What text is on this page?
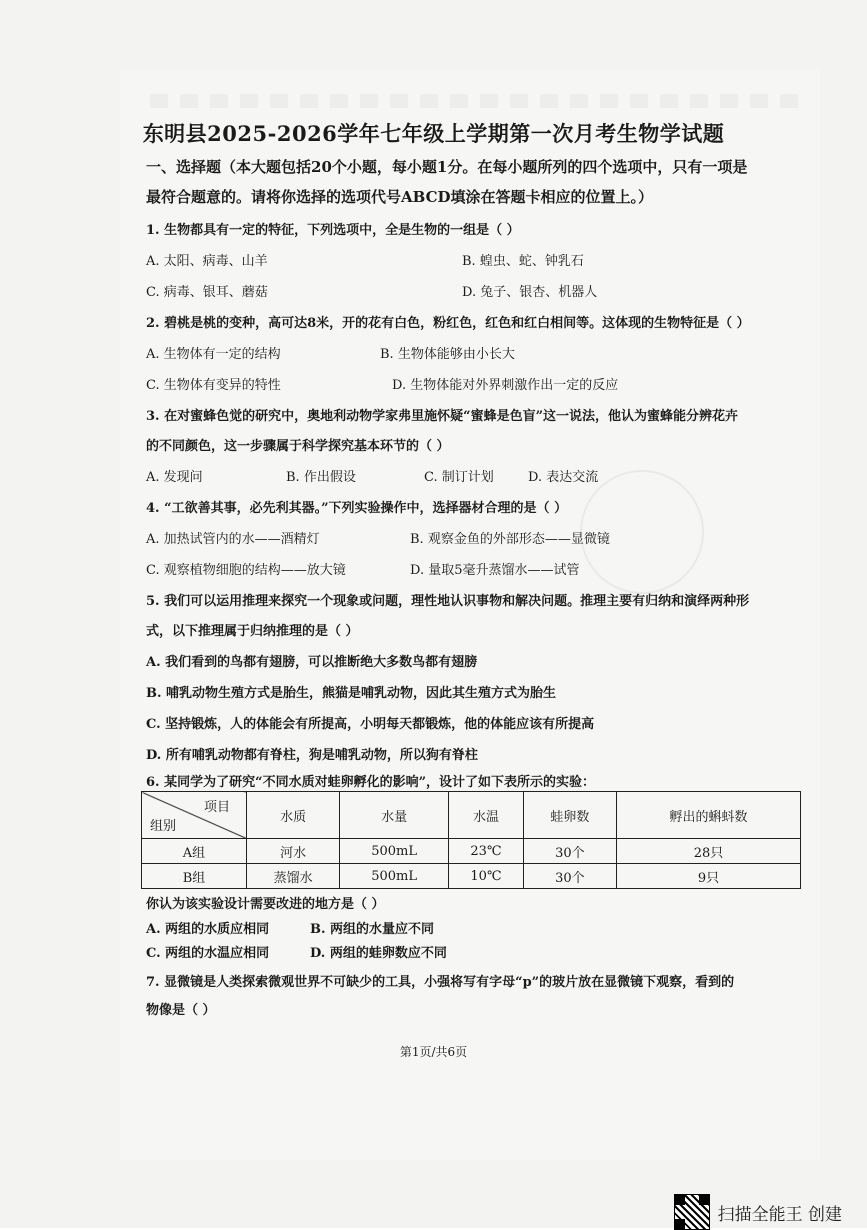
东明县2025-2026学年七年级上学期第一次月考生物学试题
一、选择题（本大题包括20个小题，每小题1分。在每小题所列的四个选项中，只有一项是
最符合题意的。请将你选择的选项代号ABCD填涂在答题卡相应的位置上。）
1. 生物都具有一定的特征，下列选项中，全是生物的一组是（ ）
A. 太阳、病毒、山羊	B. 蝗虫、蛇、钟乳石
C. 病毒、银耳、蘑菇	D. 兔子、银杏、机器人
2. 碧桃是桃的变种，高可达8米，开的花有白色，粉红色，红色和红白相间等。这体现的生物特征是（ ）
A. 生物体有一定的结构	B. 生物体能够由小长大
C. 生物体有变异的特性	D. 生物体能对外界刺激作出一定的反应
3. 在对蜜蜂色觉的研究中，奥地利动物学家弗里施怀疑“蜜蜂是色盲”这一说法，他认为蜜蜂能分辨花卉
的不同颜色，这一步骤属于科学探究基本环节的（ ）
A. 发现问	B. 作出假设	C. 制订计划	D. 表达交流
4. “工欲善其事，必先利其器。”下列实验操作中，选择器材合理的是（ ）
A. 加热试管内的水——酒精灯	B. 观察金鱼的外部形态——显微镜
C. 观察植物细胞的结构——放大镜	D. 量取5毫升蒸馏水——试管
5. 我们可以运用推理来探究一个现象或问题，理性地认识事物和解决问题。推理主要有归纳和演绎两种形
式，以下推理属于归纳推理的是（ ）
A. 我们看到的鸟都有翅膀，可以推断绝大多数鸟都有翅膀
B. 哺乳动物生殖方式是胎生，熊猫是哺乳动物，因此其生殖方式为胎生
C. 坚持锻炼，人的体能会有所提高，小明每天都锻炼，他的体能应该有所提高
D. 所有哺乳动物都有脊柱，狗是哺乳动物，所以狗有脊柱
6. 某同学为了研究“不同水质对蛙卵孵化的影响”，设计了如下表所示的实验：
项目
组别	水质	水量	水温	蛙卵数	孵出的蝌蚪数
A组	河水	500mL	23℃	30个	28只
B组	蒸馏水	500mL	10℃	30个	9只
你认为该实验设计需要改进的地方是（ ）
A. 两组的水质应相同	B. 两组的水量应不同
C. 两组的水温应相同	D. 两组的蛙卵数应不同
7. 显微镜是人类探索微观世界不可缺少的工具，小强将写有字母“p”的玻片放在显微镜下观察，看到的
物像是（ ）
第1页/共6页
扫描全能王 创建
